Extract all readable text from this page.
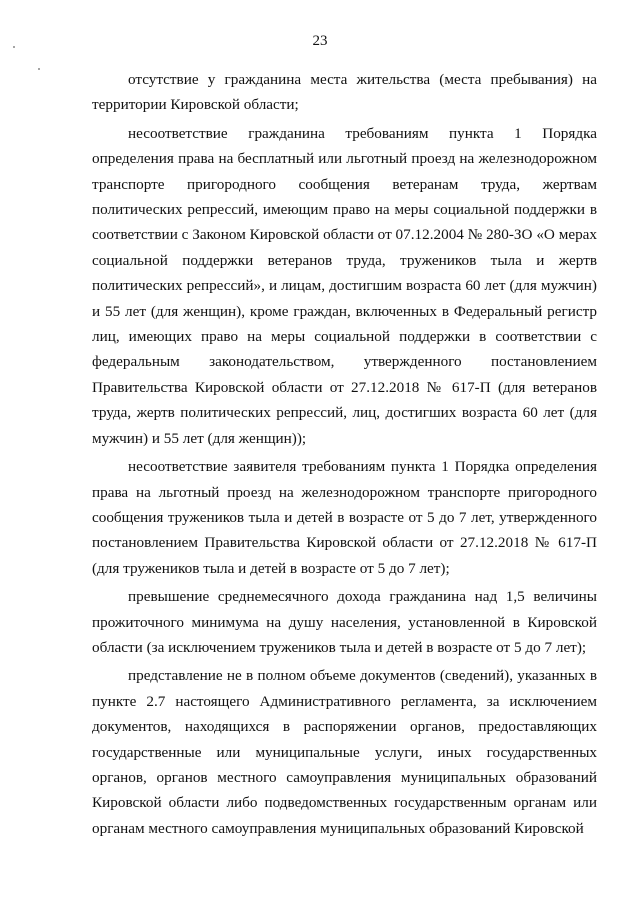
23

отсутствие у гражданина места жительства (места пребывания) на территории Кировской области;

несоответствие гражданина требованиям пункта 1 Порядка определения права на бесплатный или льготный проезд на железнодорожном транспорте пригородного сообщения ветеранам труда, жертвам политических репрессий, имеющим право на меры социальной поддержки в соответствии с Законом Кировской области от 07.12.2004 № 280-ЗО «О мерах социальной поддержки ветеранов труда, тружеников тыла и жертв политических репрессий», и лицам, достигшим возраста 60 лет (для мужчин) и 55 лет (для женщин), кроме граждан, включенных в Федеральный регистр лиц, имеющих право на меры социальной поддержки в соответствии с федеральным законодательством, утвержденного постановлением Правительства Кировской области от 27.12.2018 № 617-П (для ветеранов труда, жертв политических репрессий, лиц, достигших возраста 60 лет (для мужчин) и 55 лет (для женщин));

несоответствие заявителя требованиям пункта 1 Порядка определения права на льготный проезд на железнодорожном транспорте пригородного сообщения тружеников тыла и детей в возрасте от 5 до 7 лет, утвержденного постановлением Правительства Кировской области от 27.12.2018 № 617-П (для тружеников тыла и детей в возрасте от 5 до 7 лет);

превышение среднемесячного дохода гражданина над 1,5 величины прожиточного минимума на душу населения, установленной в Кировской области (за исключением тружеников тыла и детей в возрасте от 5 до 7 лет);

представление не в полном объеме документов (сведений), указанных в пункте 2.7 настоящего Административного регламента, за исключением документов, находящихся в распоряжении органов, предоставляющих государственные или муниципальные услуги, иных государственных органов, органов местного самоуправления муниципальных образований Кировской области либо подведомственных государственным органам или органам местного самоуправления муниципальных образований Кировской
